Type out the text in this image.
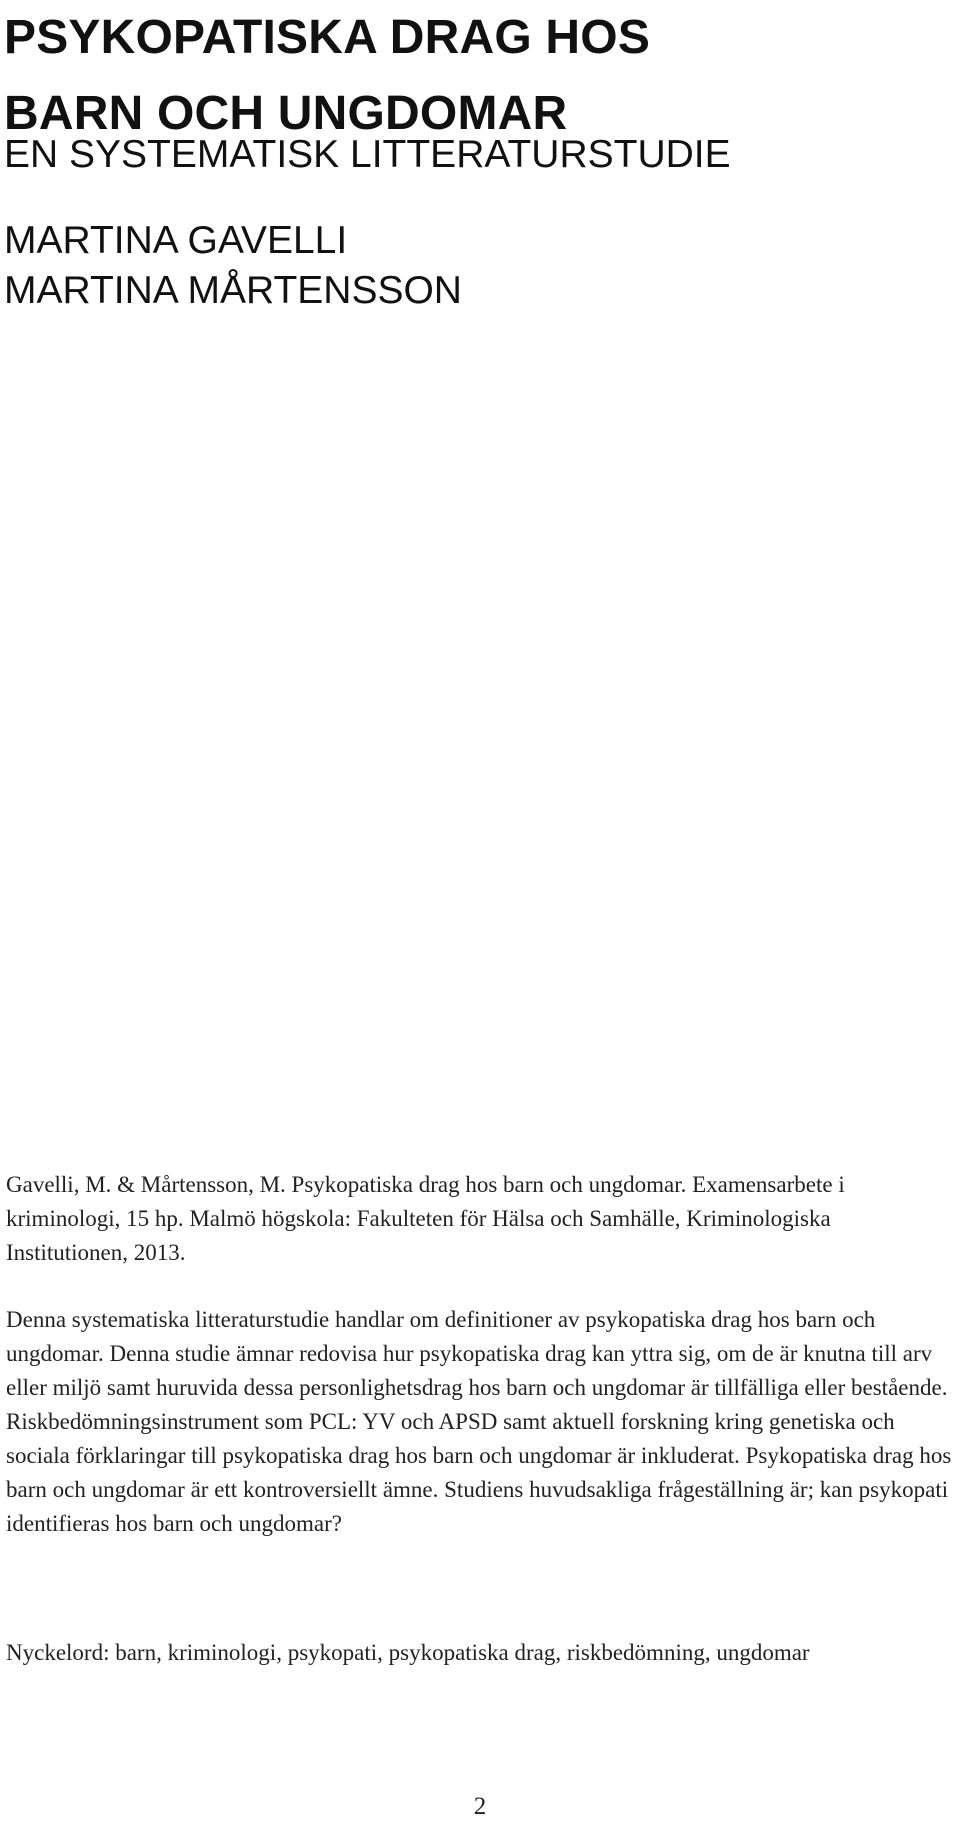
PSYKOPATISKA DRAG HOS
BARN OCH UNGDOMAR
EN SYSTEMATISK LITTERATURSTUDIE
MARTINA GAVELLI
MARTINA MÅRTENSSON

Gavelli, M. & Mårtensson, M. Psykopatiska drag hos barn och ungdomar. Examensarbete i kriminologi, 15 hp. Malmö högskola: Fakulteten för Hälsa och Samhälle, Kriminologiska Institutionen, 2013.

Denna systematiska litteraturstudie handlar om definitioner av psykopatiska drag hos barn och ungdomar. Denna studie ämnar redovisa hur psykopatiska drag kan yttra sig, om de är knutna till arv eller miljö samt huruvida dessa personlighetsdrag hos barn och ungdomar är tillfälliga eller bestående. Riskbedömningsinstrument som PCL: YV och APSD samt aktuell forskning kring genetiska och sociala förklaringar till psykopatiska drag hos barn och ungdomar är inkluderat. Psykopatiska drag hos barn och ungdomar är ett kontroversiellt ämne. Studiens huvudsakliga frågeställning är; kan psykopati identifieras hos barn och ungdomar?

Nyckelord: barn, kriminologi, psykopati, psykopatiska drag, riskbedömning, ungdomar

2
